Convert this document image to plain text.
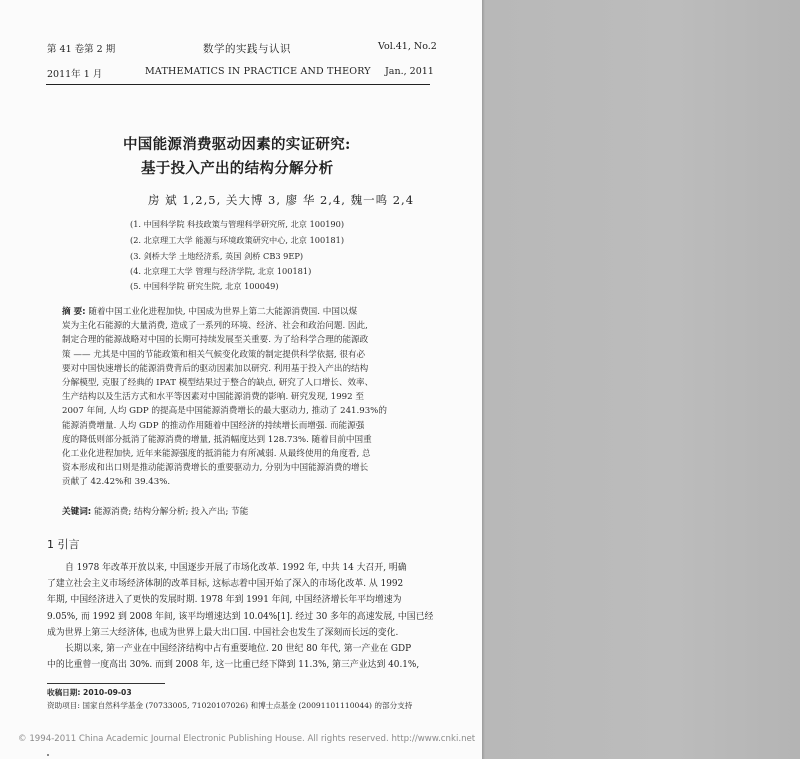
第 41 卷第 2 期
2011年 1 月
数学的实践与认识
MATHEMATICS IN PRACTICE AND THEORY
Vol.41, No.2
Jan., 2011
中国能源消费驱动因素的实证研究:
基于投入产出的结构分解分析
房 斌 1,2,5, 关大博 3, 廖 华 2,4, 魏一鸣 2,4
(1. 中国科学院 科技政策与管理科学研究所, 北京 100190)
(2. 北京理工大学 能源与环境政策研究中心, 北京 100181)
(3. 剑桥大学 土地经济系, 英国 剑桥 CB3 9EP)
(4. 北京理工大学 管理与经济学院, 北京 100181)
(5. 中国科学院 研究生院, 北京 100049)
摘 要: 随着中国工业化进程加快, 中国成为世界上第二大能源消费国. 中国以煤
炭为主化石能源的大量消费, 造成了一系列的环境、经济、社会和政治问题. 因此,
制定合理的能源战略对中国的长期可持续发展至关重要. 为了给科学合理的能源政
策 —— 尤其是中国的节能政策和相关气候变化政策的制定提供科学依据, 很有必
要对中国快速增长的能源消费背后的驱动因素加以研究. 利用基于投入产出的结构
分解模型, 克服了经典的 IPAT 模型结果过于整合的缺点, 研究了人口增长、效率、
生产结构以及生活方式和水平等因素对中国能源消费的影响. 研究发现, 1992 至
2007 年间, 人均 GDP 的提高是中国能源消费增长的最大驱动力, 推动了 241.93%的
能源消费增量. 人均 GDP 的推动作用随着中国经济的持续增长而增强. 而能源强
度的降低则部分抵消了能源消费的增量, 抵消幅度达到 128.73%. 随着目前中国重
化工业化进程加快, 近年来能源强度的抵消能力有所减弱. 从最终使用的角度看, 总
资本形成和出口则是推动能源消费增长的重要驱动力, 分别为中国能源消费的增长
贡献了 42.42%和 39.43%.
关键词: 能源消费; 结构分解分析; 投入产出; 节能
1 引言
自 1978 年改革开放以来, 中国逐步开展了市场化改革. 1992 年, 中共 14 大召开, 明确
了建立社会主义市场经济体制的改革目标, 这标志着中国开始了深入的市场化改革. 从 1992
年期, 中国经济进入了更快的发展时期. 1978 年到 1991 年间, 中国经济增长年平均增速为
9.05%, 而 1992 到 2008 年间, 该平均增速达到 10.04%[1]. 经过 30 多年的高速发展, 中国已经
成为世界上第三大经济体, 也成为世界上最大出口国. 中国社会也发生了深刻而长远的变化.
长期以来, 第一产业在中国经济结构中占有重要地位. 20 世纪 80 年代, 第一产业在 GDP
中的比重曾一度高出 30%. 而到 2008 年, 这一比重已经下降到 11.3%, 第三产业达到 40.1%,
收稿日期: 2010-09-03
资助项目: 国家自然科学基金 (70733005, 71020107026) 和博士点基金 (20091101110044) 的部分支持
© 1994-2011 China Academic Journal Electronic Publishing House. All rights reserved. http://www.cnki.net
